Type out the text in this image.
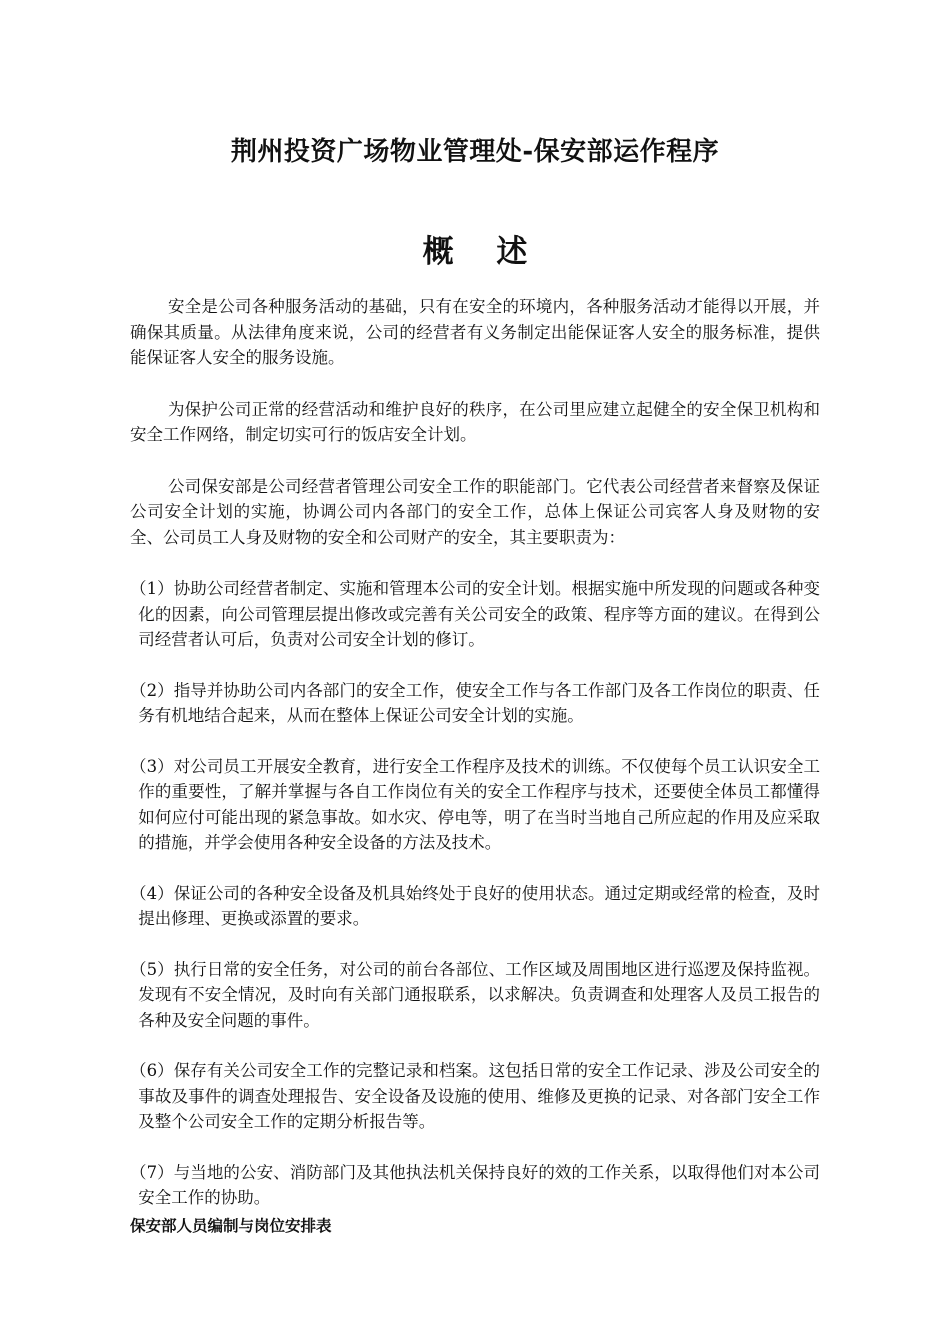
荆州投资广场物业管理处-保安部运作程序
概 述

安全是公司各种服务活动的基础，只有在安全的环境内，各种服务活动才能得以开展，并确保其质量。从法律角度来说，公司的经营者有义务制定出能保证客人安全的服务标准，提供能保证客人安全的服务设施。

为保护公司正常的经营活动和维护良好的秩序，在公司里应建立起健全的安全保卫机构和安全工作网络，制定切实可行的饭店安全计划。

公司保安部是公司经营者管理公司安全工作的职能部门。它代表公司经营者来督察及保证公司安全计划的实施，协调公司内各部门的安全工作，总体上保证公司宾客人身及财物的安全、公司员工人身及财物的安全和公司财产的安全，其主要职责为：

（1）协助公司经营者制定、实施和管理本公司的安全计划。根据实施中所发现的问题或各种变化的因素，向公司管理层提出修改或完善有关公司安全的政策、程序等方面的建议。在得到公司经营者认可后，负责对公司安全计划的修订。

（2）指导并协助公司内各部门的安全工作，使安全工作与各工作部门及各工作岗位的职责、任务有机地结合起来，从而在整体上保证公司安全计划的实施。

（3）对公司员工开展安全教育，进行安全工作程序及技术的训练。不仅使每个员工认识安全工作的重要性，了解并掌握与各自工作岗位有关的安全工作程序与技术，还要使全体员工都懂得如何应付可能出现的紧急事故。如水灾、停电等，明了在当时当地自己所应起的作用及应采取的措施，并学会使用各种安全设备的方法及技术。

（4）保证公司的各种安全设备及机具始终处于良好的使用状态。通过定期或经常的检查，及时提出修理、更换或添置的要求。

（5）执行日常的安全任务，对公司的前台各部位、工作区域及周围地区进行巡逻及保持监视。发现有不安全情况，及时向有关部门通报联系，以求解决。负责调查和处理客人及员工报告的各种及安全问题的事件。

（6）保存有关公司安全工作的完整记录和档案。这包括日常的安全工作记录、涉及公司安全的事故及事件的调查处理报告、安全设备及设施的使用、维修及更换的记录、对各部门安全工作及整个公司安全工作的定期分析报告等。

（7）与当地的公安、消防部门及其他执法机关保持良好的效的工作关系，以取得他们对本公司安全工作的协助。

保安部人员编制与岗位安排表
